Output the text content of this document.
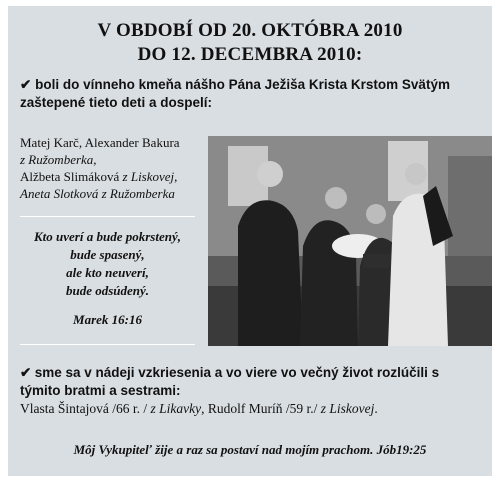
V OBDOBÍ OD 20. OKTÓBRA 2010
DO 12. DECEMBRA 2010:
✔ boli do vínneho kmeňa nášho Pána Ježiša Krista Krstom Svätým zaštepené tieto deti a dospelí:
Matej Karč, Alexander Bakura
z Ružomberka,
Alžbeta Slimáková z Liskovej,
Aneta Slotková z Ružomberka
Kto uverí a bude pokrstený,
bude spasený,
ale kto neuverí,
bude odsúdený.
Marek 16:16
✔ sme sa v nádeji vzkriesenia a vo viere vo večný život rozlúčili s týmito bratmi a sestrami:
Vlasta Šintajová /66 r. / z Likavky, Rudolf Muríň /59 r./ z Liskovej.
Môj Vykupiteľ žije a raz sa postaví nad mojím prachom. Jób19:25
